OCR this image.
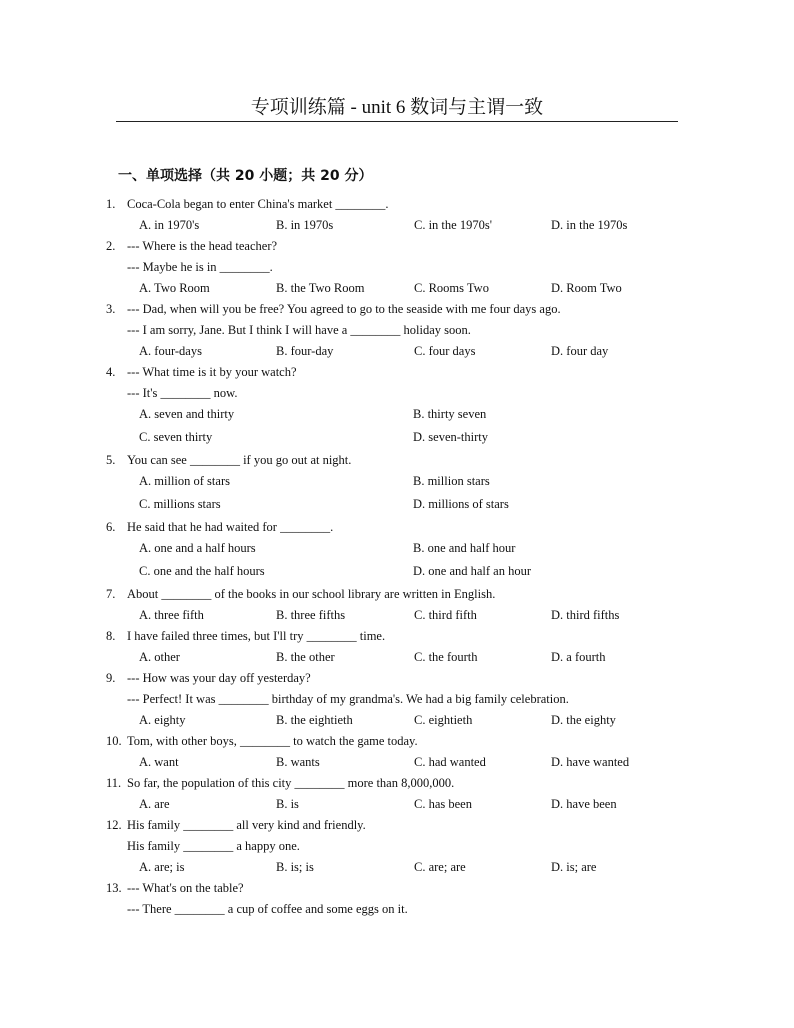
专项训练篇 - unit 6 数词与主谓一致
一、单项选择（共 20 小题；共 20 分）
1. Coca-Cola began to enter China's market ________.
A. in 1970's	B. in 1970s	C. in the 1970s'	D. in the 1970s
2. --- Where is the head teacher?
--- Maybe he is in ________.
A. Two Room	B. the Two Room	C. Rooms Two	D. Room Two
3. --- Dad, when will you be free? You agreed to go to the seaside with me four days ago.
--- I am sorry, Jane. But I think I will have a ________ holiday soon.
A. four-days	B. four-day	C. four days	D. four day
4. --- What time is it by your watch?
--- It's ________ now.
A. seven and thirty	B. thirty seven
C. seven thirty	D. seven-thirty
5. You can see ________ if you go out at night.
A. million of stars	B. million stars
C. millions stars	D. millions of stars
6. He said that he had waited for ________.
A. one and a half hours	B. one and half hour
C. one and the half hours	D. one and half an hour
7. About ________ of the books in our school library are written in English.
A. three fifth	B. three fifths	C. third fifth	D. third fifths
8. I have failed three times, but I'll try ________ time.
A. other	B. the other	C. the fourth	D. a fourth
9. --- How was your day off yesterday?
--- Perfect! It was ________ birthday of my grandma's. We had a big family celebration.
A. eighty	B. the eightieth	C. eightieth	D. the eighty
10. Tom, with other boys, ________ to watch the game today.
A. want	B. wants	C. had wanted	D. have wanted
11. So far, the population of this city ________ more than 8,000,000.
A. are	B. is	C. has been	D. have been
12. His family ________ all very kind and friendly.
His family ________ a happy one.
A. are; is	B. is; is	C. are; are	D. is; are
13. --- What's on the table?
--- There ________ a cup of coffee and some eggs on it.
